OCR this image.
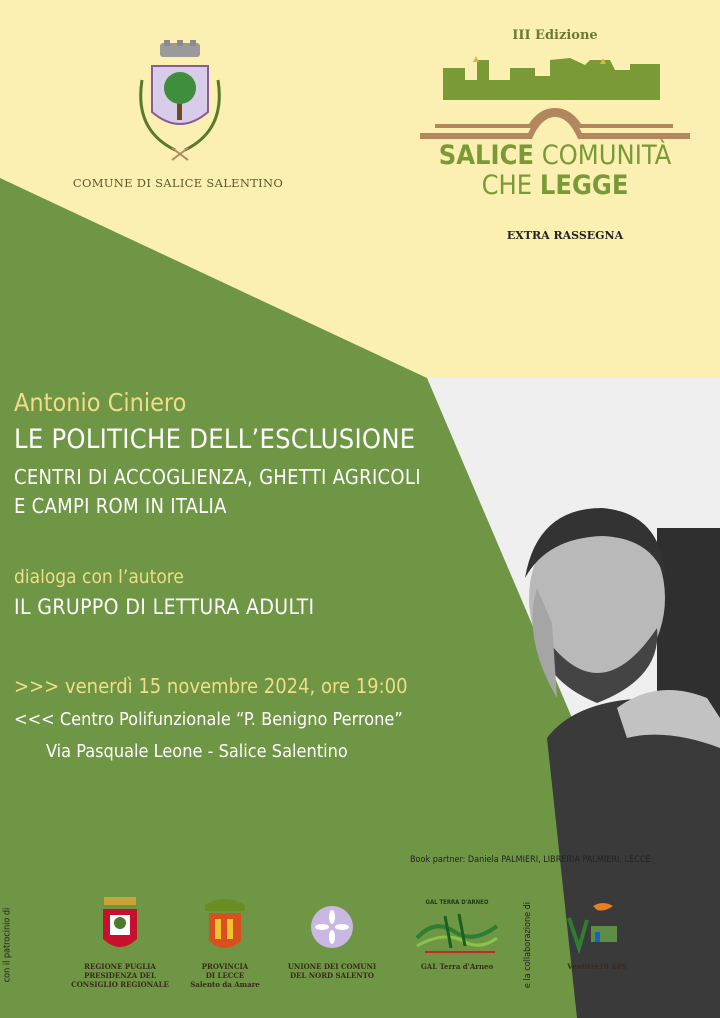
COMUNE DI SALICE SALENTINO
III Edizione
SALICE COMUNITÀ
CHE LEGGE
EXTRA RASSEGNA
Antonio Ciniero
LE POLITICHE DELL’ESCLUSIONE
CENTRI DI ACCOGLIENZA, GHETTI AGRICOLI
E CAMPI ROM IN ITALIA
dialoga con l’autore
IL GRUPPO DI LETTURA ADULTI
>>> venerdì 15 novembre 2024, ore 19:00
<<< Centro Polifunzionale “P. Benigno Perrone”
Via Pasquale Leone - Salice Salentino
Book partner: Daniela PALMIERI, LIBRERIA PALMIERI, LECCE
con il patrocinio di	e la collaborazione di
REGIONE PUGLIA
PRESIDENZA DEL
CONSIGLIO REGIONALE
PROVINCIA
DI LECCE
Salento da Amare
UNIONE DEI COMUNI
DEL NORD SALENTO
GAL TERRA D'ARNEO
GAL Terra d'Arneo	Ventitrè10 APS
